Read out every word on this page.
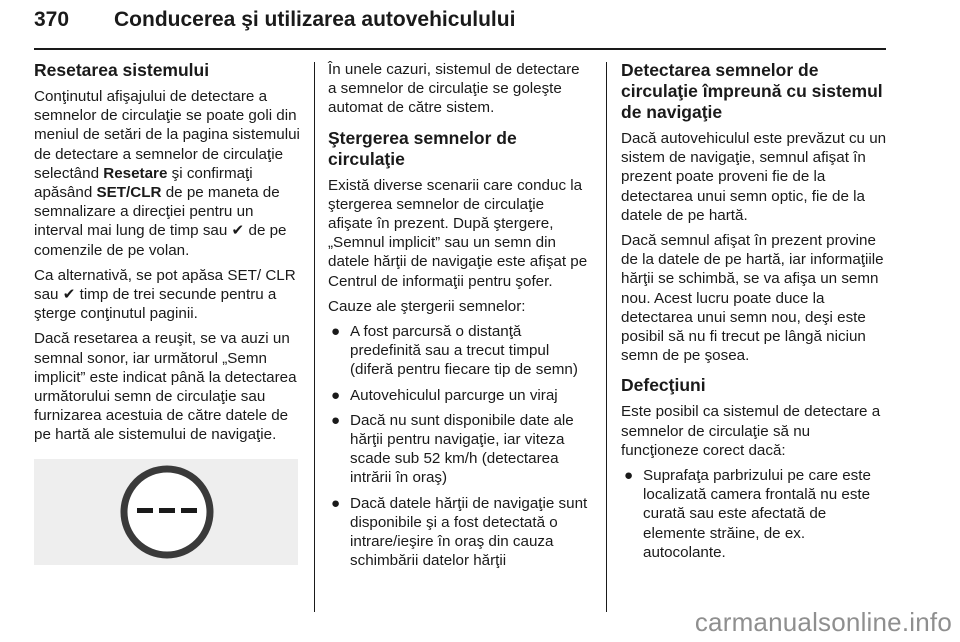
370 Conducerea şi utilizarea autovehiculului
Resetarea sistemului

Conţinutul afişajului de detectare a semnelor de circulaţie se poate goli din meniul de setări de la pagina sistemului de detectare a semnelor de circulaţie selectând Resetare şi confirmaţi apăsând SET/CLR de pe maneta de semnalizare a direcţiei pentru un interval mai lung de timp sau ✔ de pe comenzile de pe volan.

Ca alternativă, se pot apăsa SET/ CLR sau ✔ timp de trei secunde pentru a şterge conţinutul paginii.

Dacă resetarea a reuşit, se va auzi un semnal sonor, iar următorul „Semn implicit” este indicat până la detectarea următorului semn de circulaţie sau furnizarea acestuia de către datele de pe hartă ale sistemului de navigaţie.

În unele cazuri, sistemul de detectare a semnelor de circulaţie se goleşte automat de către sistem.

Ştergerea semnelor de circulaţie

Există diverse scenarii care conduc la ştergerea semnelor de circulaţie afişate în prezent. După ştergere, „Semnul implicit” sau un semn din datele hărţii de navigaţie este afişat pe Centrul de informaţii pentru şofer.

Cauze ale ştergerii semnelor:

● A fost parcursă o distanţă predefinită sau a trecut timpul (diferă pentru fiecare tip de semn)
● Autovehiculul parcurge un viraj
● Dacă nu sunt disponibile date ale hărţii pentru navigaţie, iar viteza scade sub 52 km/h (detectarea intrării în oraş)
● Dacă datele hărţii de navigaţie sunt disponibile şi a fost detectată o intrare/ieşire în oraş din cauza schimbării datelor hărţii
Detectarea semnelor de circulaţie împreună cu sistemul de navigaţie

Dacă autovehiculul este prevăzut cu un sistem de navigaţie, semnul afişat în prezent poate proveni fie de la detectarea unui semn optic, fie de la datele de pe hartă.

Dacă semnul afişat în prezent provine de la datele de pe hartă, iar informaţiile hărţii se schimbă, se va afişa un semn nou. Acest lucru poate duce la detectarea unui semn nou, deşi este posibil să nu fi trecut pe lângă niciun semn de pe şosea.

Defecţiuni

Este posibil ca sistemul de detectare a semnelor de circulaţie să nu funcţioneze corect dacă:

● Suprafaţa parbrizului pe care este localizată camera frontală nu este curată sau este afectată de elemente străine, de ex. autocolante.
carmanualsonline.info
